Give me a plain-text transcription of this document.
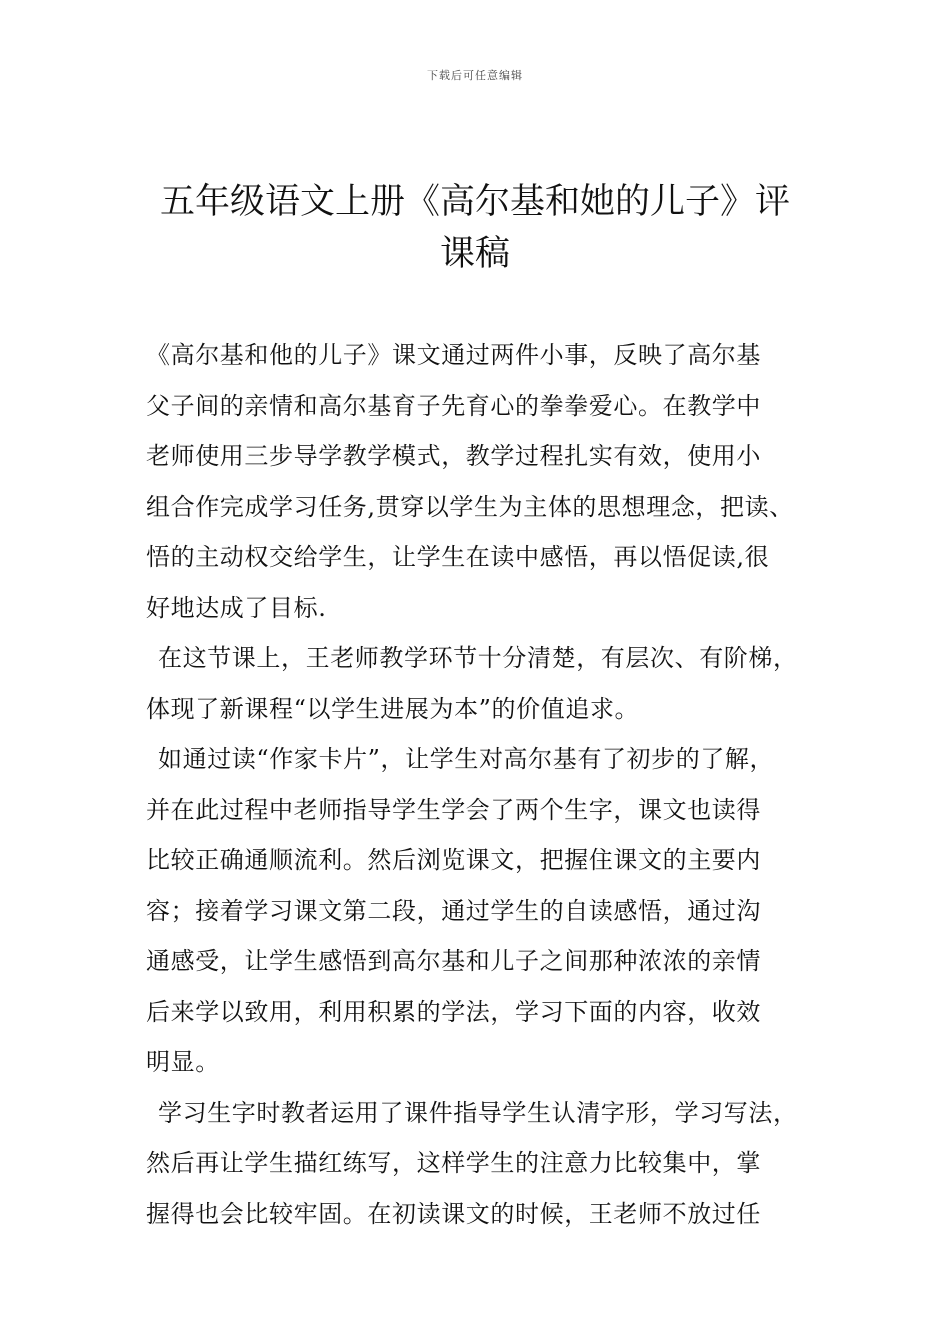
下载后可任意编辑
五年级语文上册《高尔基和她的儿子》评
课稿
《高尔基和他的儿子》课文通过两件小事，反映了高尔基
父子间的亲情和高尔基育子先育心的拳拳爱心。在教学中
老师使用三步导学教学模式，教学过程扎实有效，使用小
组合作完成学习任务,贯穿以学生为主体的思想理念，把读、
悟的主动权交给学生，让学生在读中感悟，再以悟促读,很
好地达成了目标.
在这节课上，王老师教学环节十分清楚，有层次、有阶梯，
体现了新课程“以学生进展为本”的价值追求。
如通过读“作家卡片”，让学生对高尔基有了初步的了解，
并在此过程中老师指导学生学会了两个生字，课文也读得
比较正确通顺流利。然后浏览课文，把握住课文的主要内
容；接着学习课文第二段，通过学生的自读感悟，通过沟
通感受，让学生感悟到高尔基和儿子之间那种浓浓的亲情
后来学以致用，利用积累的学法，学习下面的内容，收效
明显。
学习生字时教者运用了课件指导学生认清字形，学习写法，
然后再让学生描红练写，这样学生的注意力比较集中，掌
握得也会比较牢固。在初读课文的时候，王老师不放过任
